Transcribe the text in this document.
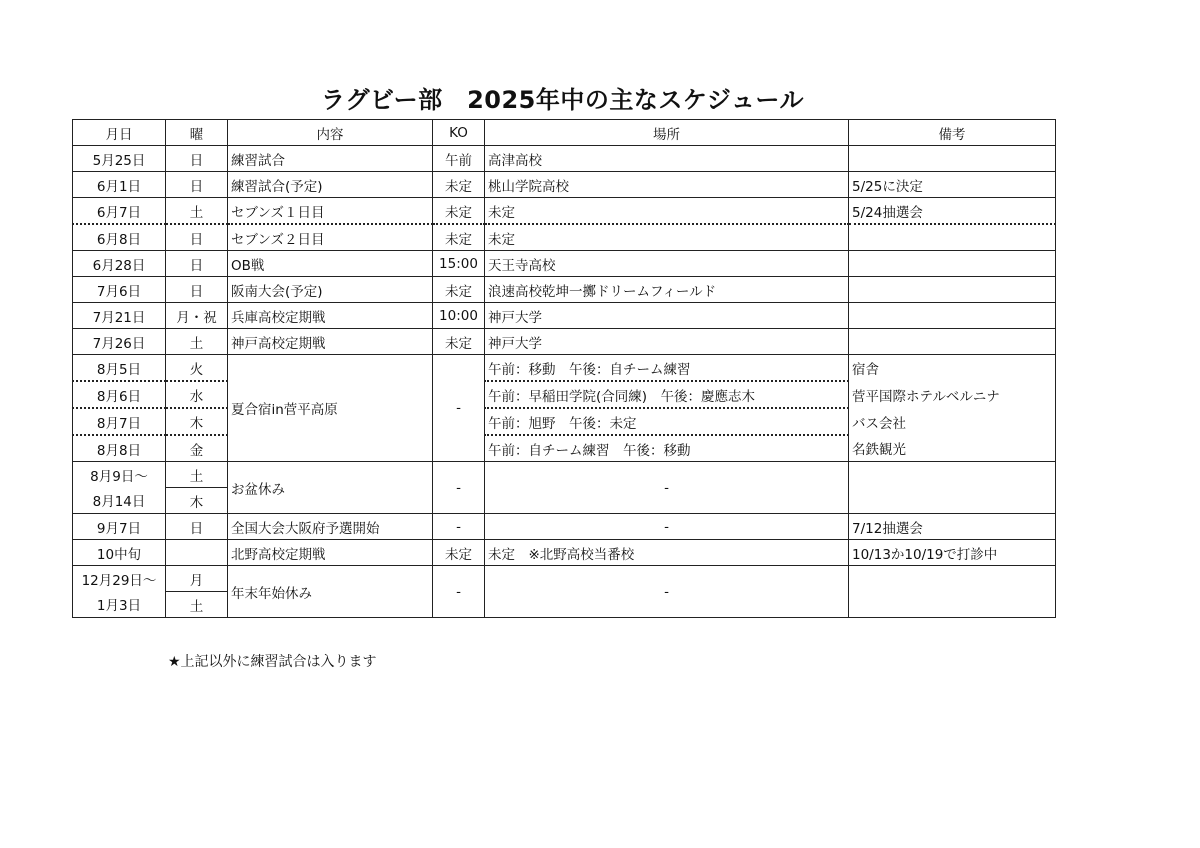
ラグビー部　2025年中の主なスケジュール
月日	曜	内容	KO	場所	備考
5月25日	日	練習試合	午前	高津高校	
6月1日	日	練習試合(予定)	未定	桃山学院高校	5/25に決定
6月7日	土	セブンズ１日目	未定	未定	5/24抽選会
6月8日	日	セブンズ２日目	未定	未定	
6月28日	日	OB戦	15:00	天王寺高校	
7月6日	日	阪南大会(予定)	未定	浪速高校乾坤一擲ドリームフィールド	
7月21日	月・祝	兵庫高校定期戦	10:00	神戸大学	
7月26日	土	神戸高校定期戦	未定	神戸大学	
8月5日	火	夏合宿in菅平高原	-	午前：移動　午後：自チーム練習	宿舎
8月6日	水			午前：早稲田学院(合同練)　午後：慶應志木	菅平国際ホテルベルニナ
8月7日	木			午前：旭野　午後：未定	バス会社
8月8日	金			午前：自チーム練習　午後：移動	名鉄観光
8月9日～	土	お盆休み	-	-	
8月14日	木				
9月7日	日	全国大会大阪府予選開始	-	-	7/12抽選会
10中旬		北野高校定期戦	未定	未定　※北野高校当番校	10/13か10/19で打診中
12月29日～	月	年末年始休み	-	-	
1月3日	土				
★上記以外に練習試合は入ります
